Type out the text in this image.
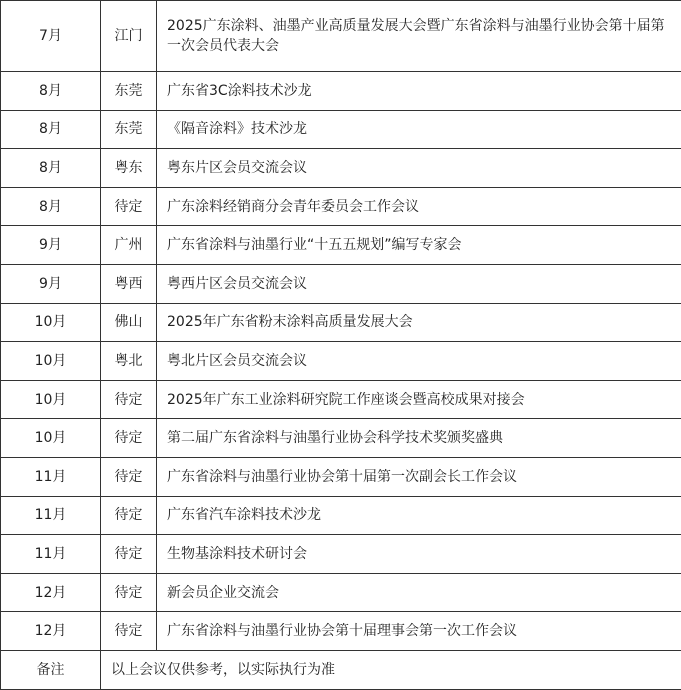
7月	江门	2025广东涂料、油墨产业高质量发展大会暨广东省涂料与油墨行业协会第十届第一次会员代表大会
8月	东莞	广东省3C涂料技术沙龙
8月	东莞	《隔音涂料》技术沙龙
8月	粤东	粤东片区会员交流会议
8月	待定	广东涂料经销商分会青年委员会工作会议
9月	广州	广东省涂料与油墨行业“十五五规划”编写专家会
9月	粤西	粤西片区会员交流会议
10月	佛山	2025年广东省粉末涂料高质量发展大会
10月	粤北	粤北片区会员交流会议
10月	待定	2025年广东工业涂料研究院工作座谈会暨高校成果对接会
10月	待定	第二届广东省涂料与油墨行业协会科学技术奖颁奖盛典
11月	待定	广东省涂料与油墨行业协会第十届第一次副会长工作会议
11月	待定	广东省汽车涂料技术沙龙
11月	待定	生物基涂料技术研讨会
12月	待定	新会员企业交流会
12月	待定	广东省涂料与油墨行业协会第十届理事会第一次工作会议
备注	以上会议仅供参考，以实际执行为准	
